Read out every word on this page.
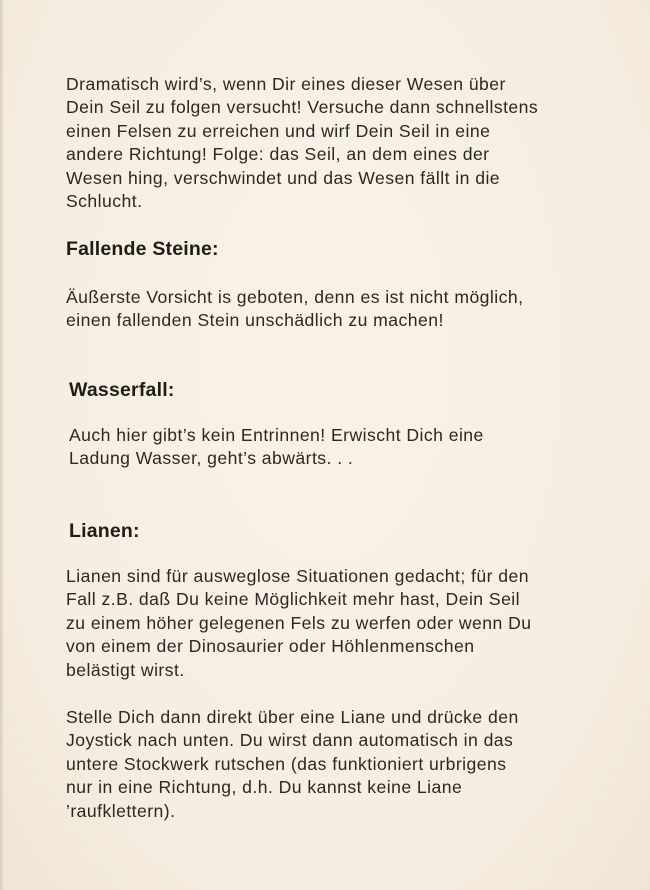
Dramatisch wird’s, wenn Dir eines dieser Wesen über
Dein Seil zu folgen versucht! Versuche dann schnellstens
einen Felsen zu erreichen und wirf Dein Seil in eine
andere Richtung! Folge: das Seil, an dem eines der
Wesen hing, verschwindet und das Wesen fällt in die
Schlucht.

Fallende Steine:

Äußerste Vorsicht is geboten, denn es ist nicht möglich,
einen fallenden Stein unschädlich zu machen!

Wasserfall:

Auch hier gibt’s kein Entrinnen! Erwischt Dich eine
Ladung Wasser, geht’s abwärts. . .

Lianen:

Lianen sind für ausweglose Situationen gedacht; für den
Fall z.B. daß Du keine Möglichkeit mehr hast, Dein Seil
zu einem höher gelegenen Fels zu werfen oder wenn Du
von einem der Dinosaurier oder Höhlenmenschen
belästigt wirst.

Stelle Dich dann direkt über eine Liane und drücke den
Joystick nach unten. Du wirst dann automatisch in das
untere Stockwerk rutschen (das funktioniert urbrigens
nur in eine Richtung, d.h. Du kannst keine Liane
’raufklettern).
